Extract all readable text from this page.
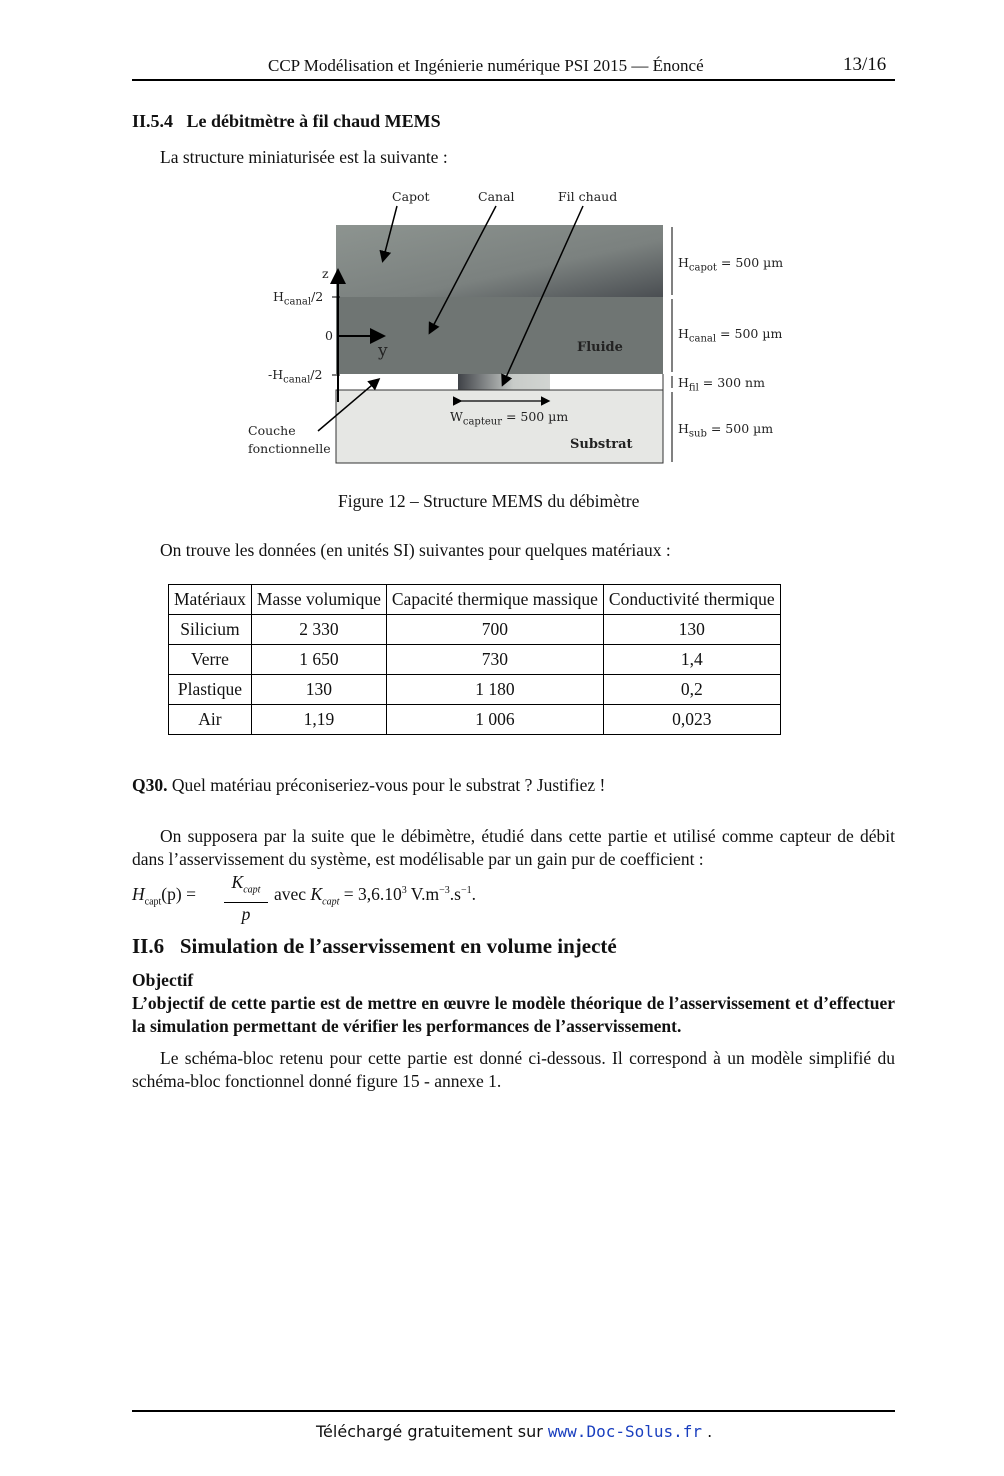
CCP Modélisation et Ingénierie numérique PSI 2015 — Énoncé	13/16
II.5.4 Le débitmètre à fil chaud MEMS
La structure miniaturisée est la suivante :
Capot	Canal	Fil chaud
z
y
$H_{canal}/2$
0
$-H_{canal}/2$
Couche
fonctionnelle
Fluide
Substrat
$W_{capteur} = 500$ µm
$H_{capot} = 500$ µm
$H_{canal} = 500$ µm
$H_{fil} = 300$ nm
$H_{sub} = 500$ µm
Figure 12 – Structure MEMS du débimètre
On trouve les données (en unités SI) suivantes pour quelques matériaux :
Matériaux	Masse volumique	Capacité thermique massique	Conductivité thermique
Silicium	2 330	700	130
Verre	1 650	730	1,4
Plastique	130	1 180	0,2
Air	1,19	1 006	0,023
Q30. Quel matériau préconiseriez-vous pour le substrat ? Justifiez !
On supposera par la suite que le débimètre, étudié dans cette partie et utilisé comme capteur de débit dans l’asservissement du système, est modélisable par un gain pur de coefficient :
$H_{capt}(p)$ =
$K_{capt}$
p
avec $K_{capt} = 3,6.10^3$ $V.m^{-3}.s^{-1}$.
II.6 Simulation de l’asservissement en volume injecté
Objectif
L’objectif de cette partie est de mettre en œuvre le modèle théorique de l’asservissement et d’effectuer la simulation permettant de vérifier les performances de l’asservissement.
Le schéma-bloc retenu pour cette partie est donné ci-dessous. Il correspond à un modèle simplifié du schéma-bloc fonctionnel donné figure 15 - annexe 1.
Téléchargé gratuitement sur www.Doc-Solus.fr .
